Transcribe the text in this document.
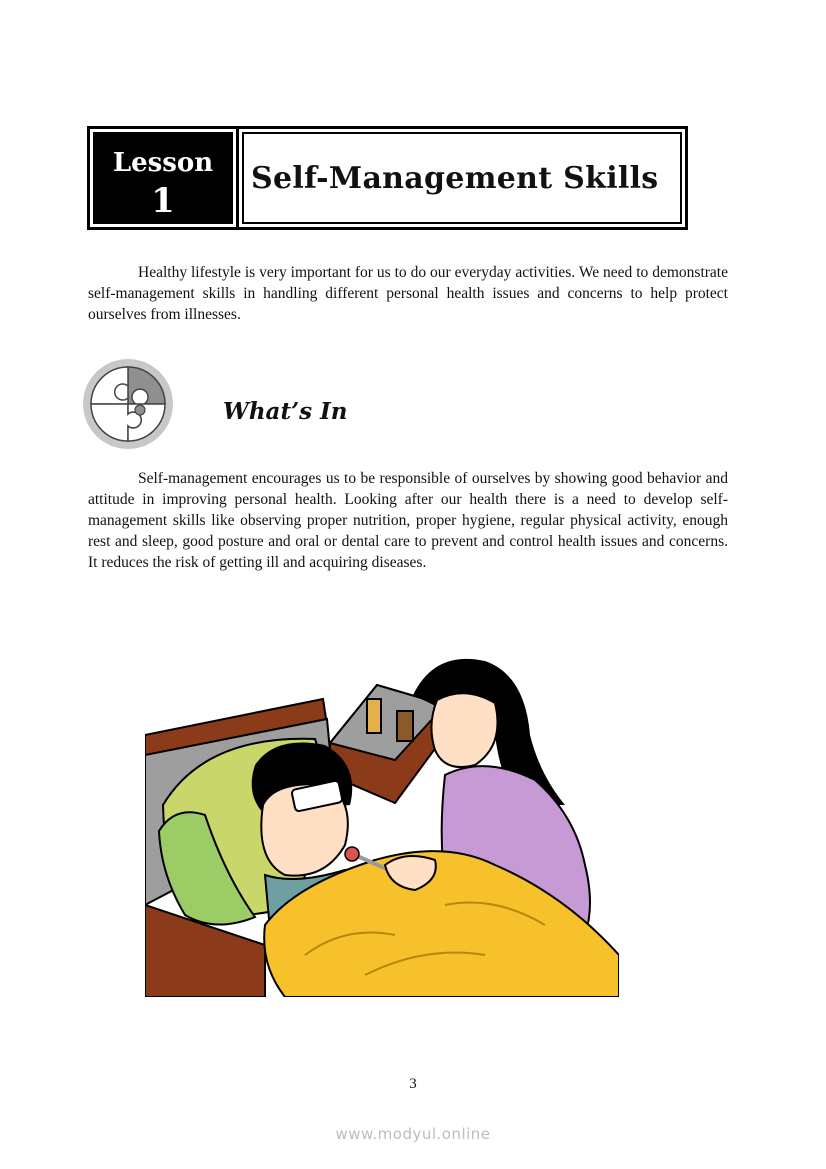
Lesson
1
Self-Management Skills

Healthy lifestyle is very important for us to do our everyday activities. We need to demonstrate self-management skills in handling different personal health issues and concerns to help protect ourselves from illnesses.

What’s In

Self-management encourages us to be responsible of ourselves by showing good behavior and attitude in improving personal health. Looking after our health there is a need to develop self-management skills like observing proper nutrition, proper hygiene, regular physical activity, enough rest and sleep, good posture and oral or dental care to prevent and control health issues and concerns. It reduces the risk of getting ill and acquiring diseases.

3
www.modyul.online
